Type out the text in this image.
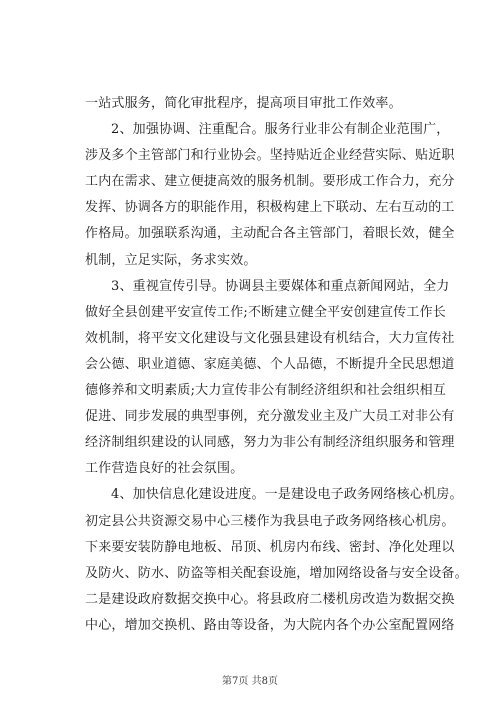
一站式服务，简化审批程序，提高项目审批工作效率。
2、加强协调、注重配合。服务行业非公有制企业范围广，
涉及多个主管部门和行业协会。坚持贴近企业经营实际、贴近职
工内在需求、建立便捷高效的服务机制。要形成工作合力，充分
发挥、协调各方的职能作用，积极构建上下联动、左右互动的工
作格局。加强联系沟通，主动配合各主管部门，着眼长效，健全
机制，立足实际，务求实效。
3、重视宣传引导。协调县主要媒体和重点新闻网站，全力
做好全县创建平安宣传工作;不断建立健全平安创建宣传工作长
效机制，将平安文化建设与文化强县建设有机结合，大力宣传社
会公德、职业道德、家庭美德、个人品德，不断提升全民思想道
德修养和文明素质;大力宣传非公有制经济组织和社会组织相互
促进、同步发展的典型事例，充分激发业主及广大员工对非公有
经济制组织建设的认同感，努力为非公有制经济组织服务和管理
工作营造良好的社会氛围。
4、加快信息化建设进度。一是建设电子政务网络核心机房。
初定县公共资源交易中心三楼作为我县电子政务网络核心机房。
下来要安装防静电地板、吊顶、机房内布线、密封、净化处理以
及防火、防水、防盗等相关配套设施，增加网络设备与安全设备。
二是建设政府数据交换中心。将县政府二楼机房改造为数据交换
中心，增加交换机、路由等设备，为大院内各个办公室配置网络
第7页 共8页
